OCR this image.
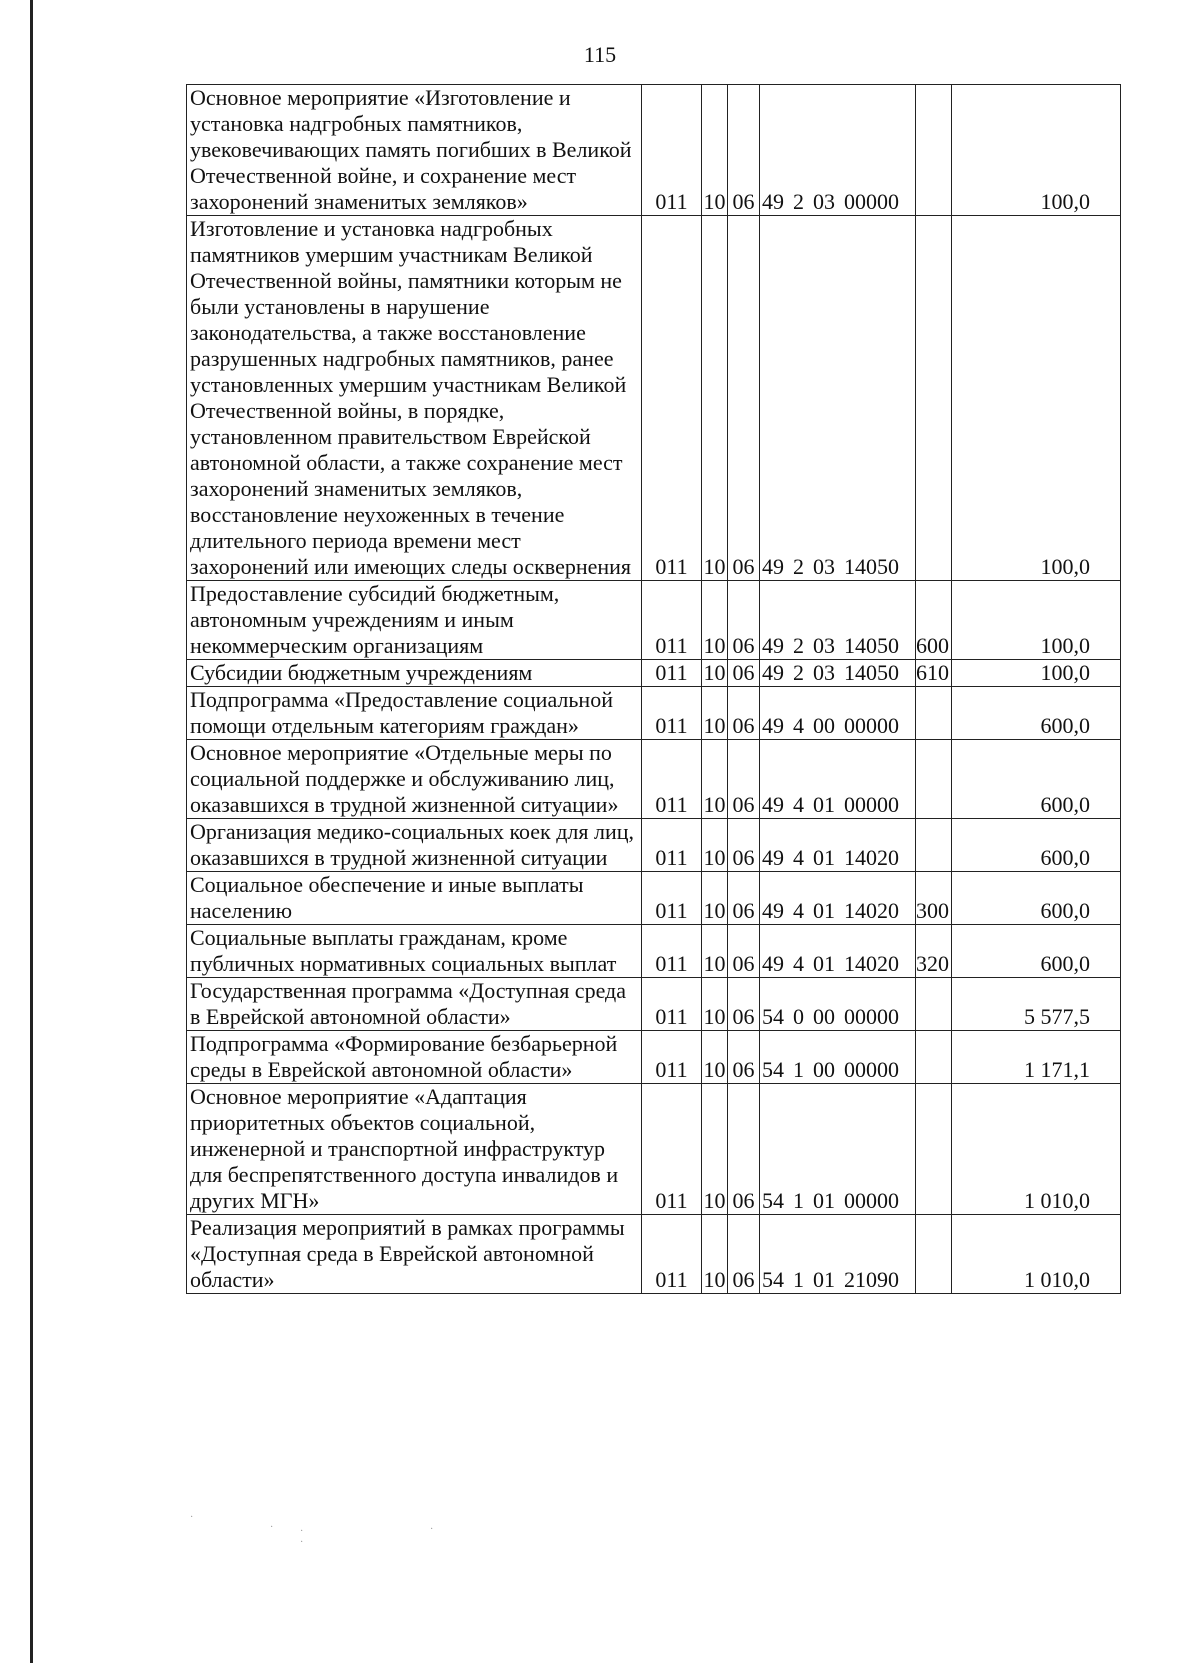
115
Основное мероприятие «Изготовление и установка надгробных памятников, увековечивающих память погибших в Великой Отечественной войне, и сохранение мест захоронений знаменитых земляков»	011	10	06	49 2 03 00000		100,0
Изготовление и установка надгробных памятников умершим участникам Великой Отечественной войны, памятники которым не были установлены в нарушение законодательства, а также восстановление разрушенных надгробных памятников, ранее установленных умершим участникам Великой Отечественной войны, в порядке, установленном правительством Еврейской автономной области, а также сохранение мест захоронений знаменитых земляков, восстановление неухоженных в течение длительного периода времени мест захоронений или имеющих следы осквернения	011	10	06	49 2 03 14050		100,0
Предоставление субсидий бюджетным, автономным учреждениям и иным некоммерческим организациям	011	10	06	49 2 03 14050	600	100,0
Субсидии бюджетным учреждениям	011	10	06	49 2 03 14050	610	100,0
Подпрограмма «Предоставление социальной помощи отдельным категориям граждан»	011	10	06	49 4 00 00000		600,0
Основное мероприятие «Отдельные меры по социальной поддержке и обслуживанию лиц, оказавшихся в трудной жизненной ситуации»	011	10	06	49 4 01 00000		600,0
Организация медико-социальных коек для лиц, оказавшихся в трудной жизненной ситуации	011	10	06	49 4 01 14020		600,0
Социальное обеспечение и иные выплаты населению	011	10	06	49 4 01 14020	300	600,0
Социальные выплаты гражданам, кроме публичных нормативных социальных выплат	011	10	06	49 4 01 14020	320	600,0
Государственная программа «Доступная среда в Еврейской автономной области»	011	10	06	54 0 00 00000		5 577,5
Подпрограмма «Формирование безбарьерной среды в Еврейской автономной области»	011	10	06	54 1 00 00000		1 171,1
Основное мероприятие «Адаптация приоритетных объектов социальной, инженерной и транспортной инфраструктур для беспрепятственного доступа инвалидов и других МГН»	011	10	06	54 1 01 00000		1 010,0
Реализация мероприятий в рамках программы «Доступная среда в Еврейской автономной области»	011	10	06	54 1 01 21090		1 010,0
·
·	· ·
·
